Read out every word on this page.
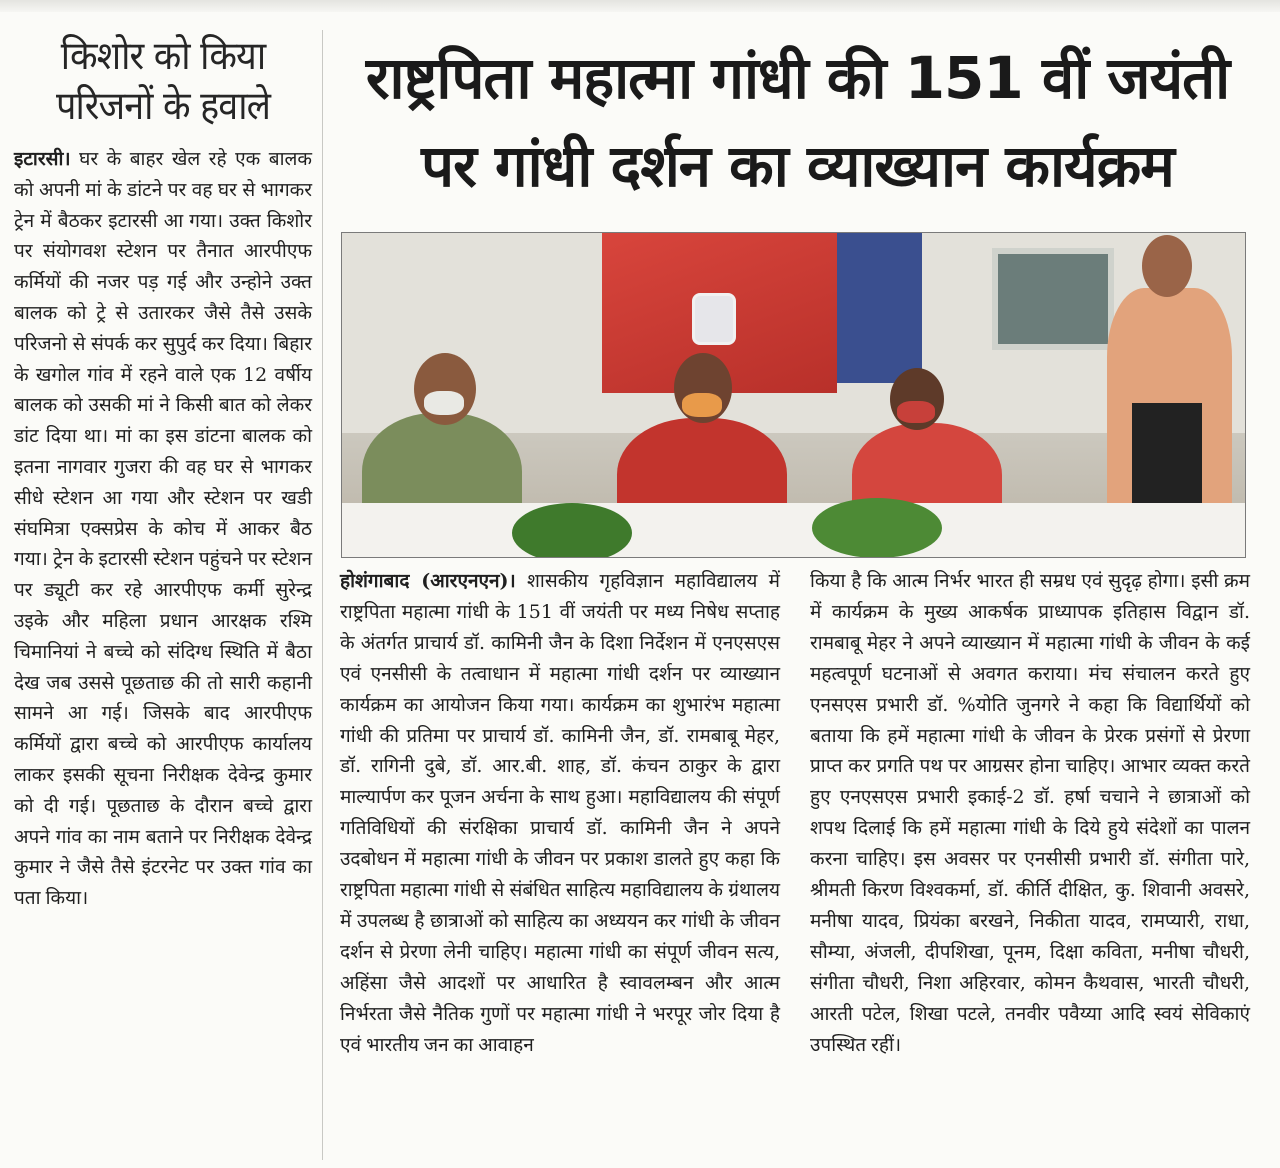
किशोर को किया परिजनों के हवाले

इटारसी। घर के बाहर खेल रहे एक बालक को अपनी मां के डांटने पर वह घर से भागकर ट्रेन में बैठकर इटारसी आ गया। उक्त किशोर पर संयोगवश स्टेशन पर तैनात आरपीएफ कर्मियों की नजर पड़ गई और उन्होने उक्त बालक को ट्रे से उतारकर जैसे तैसे उसके परिजनो से संपर्क कर सुपुर्द कर दिया। बिहार के खगोल गांव में रहने वाले एक 12 वर्षीय बालक को उसकी मां ने किसी बात को लेकर डांट दिया था। मां का इस डांटना बालक को इतना नागवार गुजरा की वह घर से भागकर सीधे स्टेशन आ गया और स्टेशन पर खडी संघमित्रा एक्सप्रेस के कोच में आकर बैठ गया। ट्रेन के इटारसी स्टेशन पहुंचने पर स्टेशन पर ड्यूटी कर रहे आरपीएफ कर्मी सुरेन्द्र उइके और महिला प्रधान आरक्षक रश्मि चिमानियां ने बच्चे को संदिग्ध स्थिति में बैठा देख जब उससे पूछताछ की तो सारी कहानी सामने आ गई। जिसके बाद आरपीएफ कर्मियों द्वारा बच्चे को आरपीएफ कार्यालय लाकर इसकी सूचना निरीक्षक देवेन्द्र कुमार को दी गई। पूछताछ के दौरान बच्चे द्वारा अपने गांव का नाम बताने पर निरीक्षक देवेन्द्र कुमार ने जैसे तैसे इंटरनेट पर उक्त गांव का पता किया।

राष्ट्रपिता महात्मा गांधी की 151 वीं जयंती
पर गांधी दर्शन का व्याख्यान कार्यक्रम

होशंगाबाद (आरएनएन)। शासकीय गृहविज्ञान महाविद्यालय में राष्ट्रपिता महात्मा गांधी के 151 वीं जयंती पर मध्य निषेध सप्ताह के अंतर्गत प्राचार्य डॉ. कामिनी जैन के दिशा निर्देशन में एनएसएस एवं एनसीसी के तत्वाधान में महात्मा गांधी दर्शन पर व्याख्यान कार्यक्रम का आयोजन किया गया। कार्यक्रम का शुभारंभ महात्मा गांधी की प्रतिमा पर प्राचार्य डॉ. कामिनी जैन, डॉ. रामबाबू मेहर, डॉ. रागिनी दुबे, डॉ. आर.बी. शाह, डॉ. कंचन ठाकुर के द्वारा माल्यार्पण कर पूजन अर्चना के साथ हुआ। महाविद्यालय की संपूर्ण गतिविधियों की संरक्षिका प्राचार्य डॉ. कामिनी जैन ने अपने उदबोधन में महात्मा गांधी के जीवन पर प्रकाश डालते हुए कहा कि राष्ट्रपिता महात्मा गांधी से संबंधित साहित्य महाविद्यालय के ग्रंथालय में उपलब्ध है छात्राओं को साहित्य का अध्ययन कर गांधी के जीवन दर्शन से प्रेरणा लेनी चाहिए। महात्मा गांधी का संपूर्ण जीवन सत्य, अहिंसा जैसे आदशों पर आधारित है स्वावलम्बन और आत्म निर्भरता जैसे नैतिक गुणों पर महात्मा गांधी ने भरपूर जोर दिया है एवं भारतीय जन का आवाहन

किया है कि आत्म निर्भर भारत ही सम्रध एवं सुदृढ़ होगा। इसी क्रम में कार्यक्रम के मुख्य आकर्षक प्राध्यापक इतिहास विद्वान डॉ. रामबाबू मेहर ने अपने व्याख्यान में महात्मा गांधी के जीवन के कई महत्वपूर्ण घटनाओं से अवगत कराया। मंच संचालन करते हुए एनसएस प्रभारी डॉ. %योति जुनगरे ने कहा कि विद्यार्थियों को बताया कि हमें महात्मा गांधी के जीवन के प्रेरक प्रसंगों से प्रेरणा प्राप्त कर प्रगति पथ पर आग्रसर होना चाहिए। आभार व्यक्त करते हुए एनएसएस प्रभारी इकाई-2 डॉ. हर्षा चचाने ने छात्राओं को शपथ दिलाई कि हमें महात्मा गांधी के दिये हुये संदेशों का पालन करना चाहिए। इस अवसर पर एनसीसी प्रभारी डॉ. संगीता पारे, श्रीमती किरण विश्वकर्मा, डॉ. कीर्ति दीक्षित, कु. शिवानी अवसरे, मनीषा यादव, प्रियंका बरखने, निकीता यादव, रामप्यारी, राधा, सौम्या, अंजली, दीपशिखा, पूनम, दिक्षा कविता, मनीषा चौधरी, संगीता चौधरी, निशा अहिरवार, कोमन कैथवास, भारती चौधरी, आरती पटेल, शिखा पटले, तनवीर पवैय्या आदि स्वयं सेविकाएं उपस्थित रहीं।
